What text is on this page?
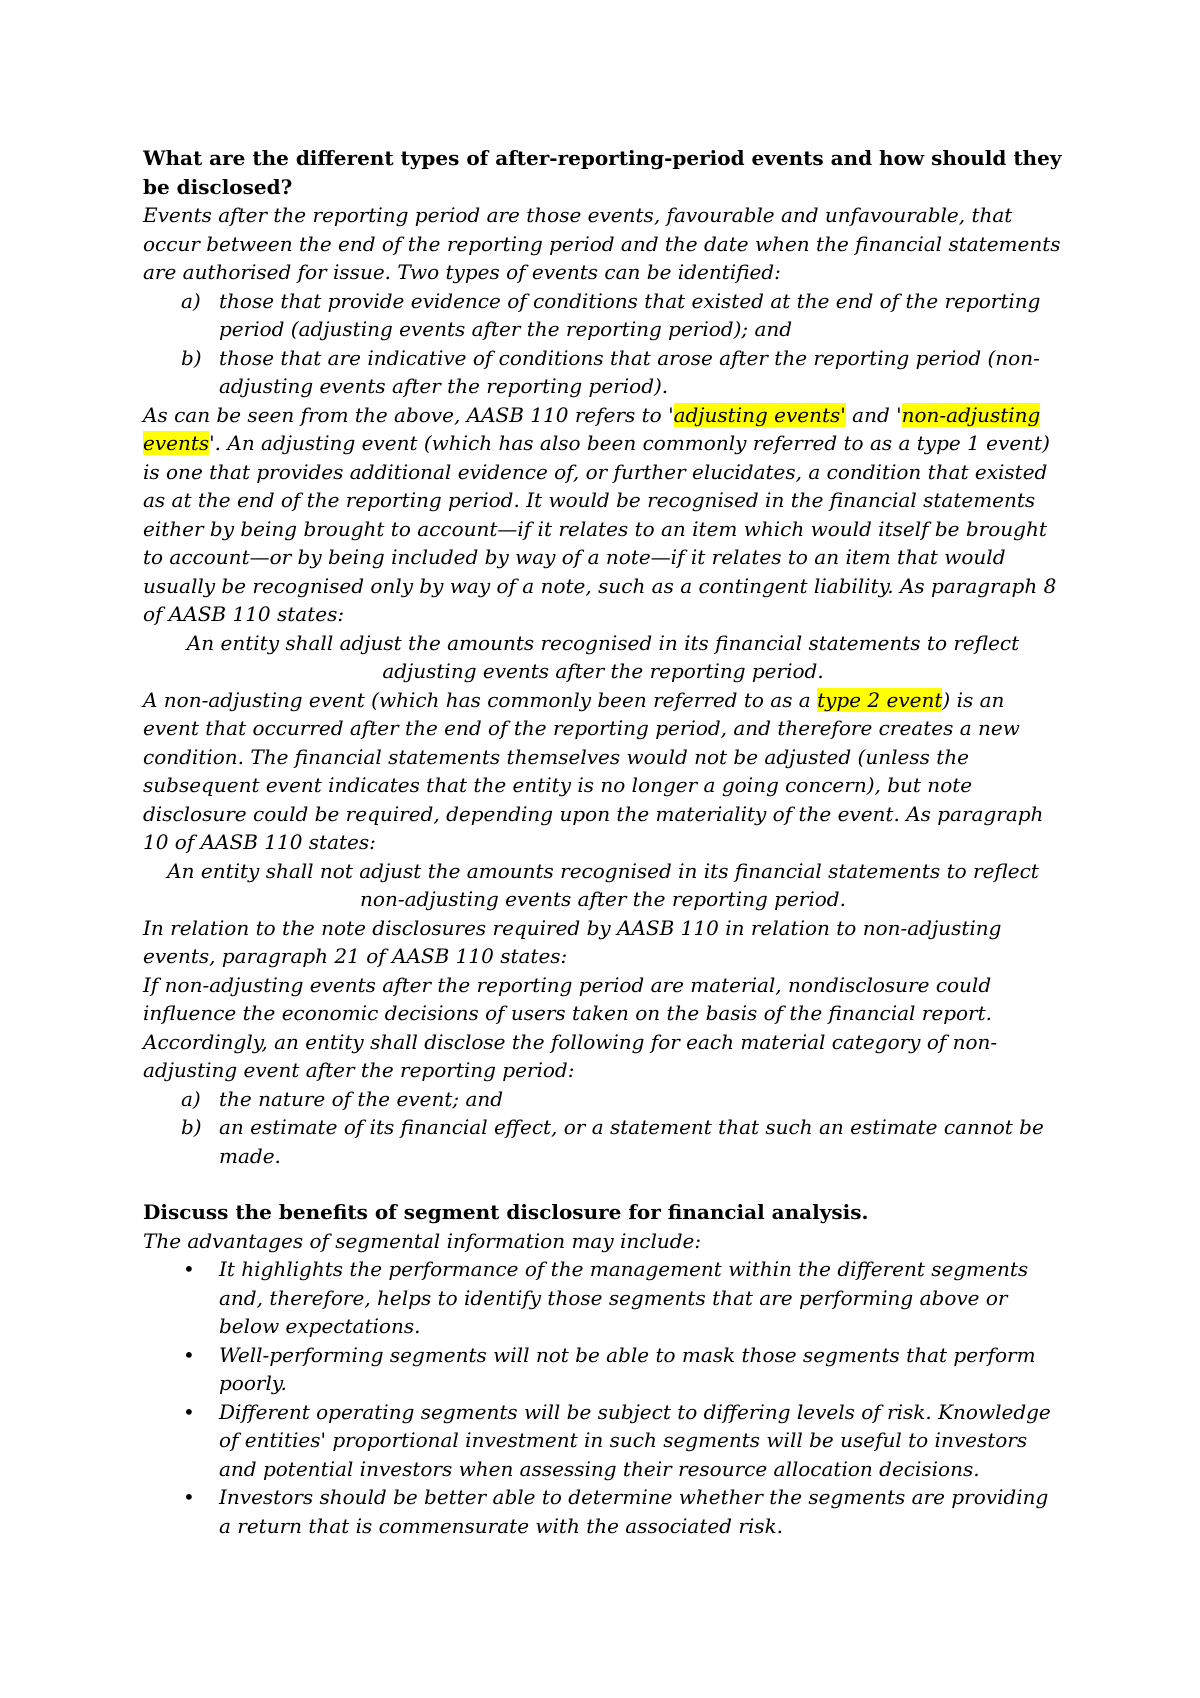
What are the different types of after-reporting-period events and how should they be disclosed?

Events after the reporting period are those events, favourable and unfavourable, that occur between the end of the reporting period and the date when the financial statements are authorised for issue. Two types of events can be identified:

a) those that provide evidence of conditions that existed at the end of the reporting period (adjusting events after the reporting period); and
b) those that are indicative of conditions that arose after the reporting period (non-adjusting events after the reporting period).

As can be seen from the above, AASB 110 refers to 'adjusting events' and 'non-adjusting events'. An adjusting event (which has also been commonly referred to as a type 1 event) is one that provides additional evidence of, or further elucidates, a condition that existed as at the end of the reporting period. It would be recognised in the financial statements either by being brought to account—if it relates to an item which would itself be brought to account—or by being included by way of a note—if it relates to an item that would usually be recognised only by way of a note, such as a contingent liability. As paragraph 8 of AASB 110 states:

An entity shall adjust the amounts recognised in its financial statements to reflect adjusting events after the reporting period.

A non-adjusting event (which has commonly been referred to as a type 2 event) is an event that occurred after the end of the reporting period, and therefore creates a new condition. The financial statements themselves would not be adjusted (unless the subsequent event indicates that the entity is no longer a going concern), but note disclosure could be required, depending upon the materiality of the event. As paragraph 10 of AASB 110 states:

An entity shall not adjust the amounts recognised in its financial statements to reflect non-adjusting events after the reporting period.

In relation to the note disclosures required by AASB 110 in relation to non-adjusting events, paragraph 21 of AASB 110 states:

If non-adjusting events after the reporting period are material, nondisclosure could influence the economic decisions of users taken on the basis of the financial report. Accordingly, an entity shall disclose the following for each material category of non-adjusting event after the reporting period:

a) the nature of the event; and
b) an estimate of its financial effect, or a statement that such an estimate cannot be made.

Discuss the benefits of segment disclosure for financial analysis.

The advantages of segmental information may include:

• It highlights the performance of the management within the different segments and, therefore, helps to identify those segments that are performing above or below expectations.
• Well-performing segments will not be able to mask those segments that perform poorly.
• Different operating segments will be subject to differing levels of risk. Knowledge of entities' proportional investment in such segments will be useful to investors and potential investors when assessing their resource allocation decisions.
• Investors should be better able to determine whether the segments are providing a return that is commensurate with the associated risk.
